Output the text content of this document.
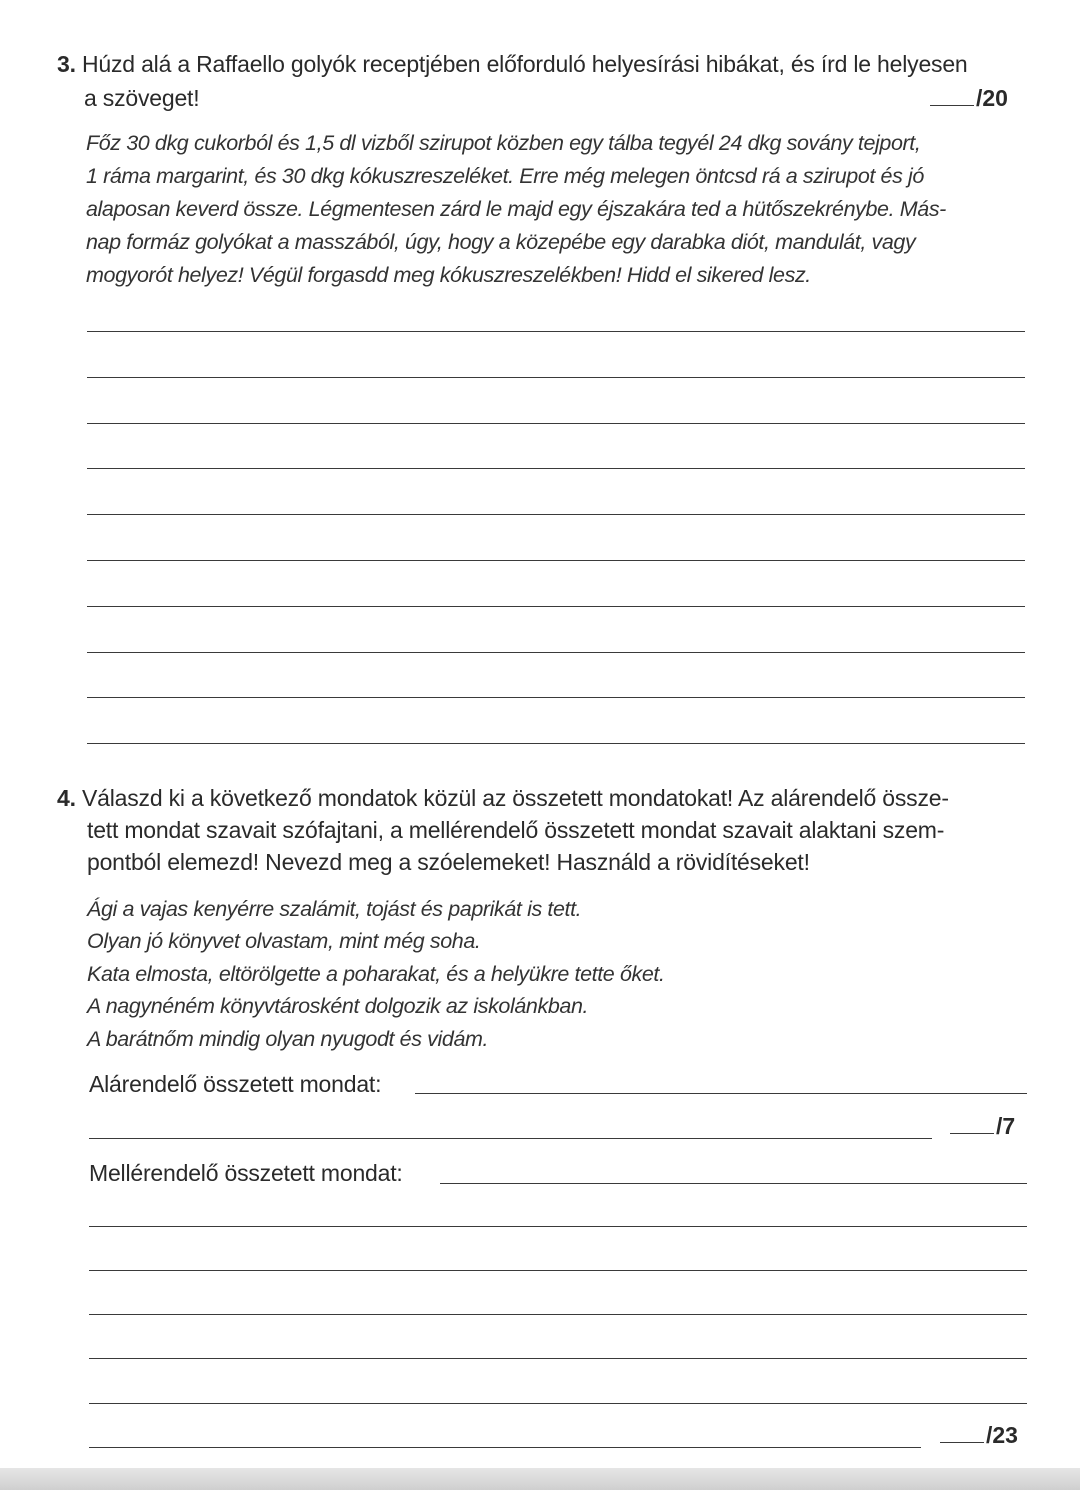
3. Húzd alá a Raffaello golyók receptjében előforduló helyesírási hibákat, és írd le helyesen
a szöveget!	/20
Főz 30 dkg cukorból és 1,5 dl vizből szirupot közben egy tálba tegyél 24 dkg sovány tejport,
1 ráma margarint, és 30 dkg kókuszreszeléket. Erre még melegen öntcsd rá a szirupot és jó
alaposan keverd össze. Légmentesen zárd le majd egy éjszakára ted a hütőszekrénybe. Más-
nap formáz golyókat a masszából, úgy, hogy a közepébe egy darabka diót, mandulát, vagy
mogyorót helyez! Végül forgasdd meg kókuszreszelékben! Hidd el sikered lesz.
4. Válaszd ki a következő mondatok közül az összetett mondatokat! Az alárendelő össze-
tett mondat szavait szófajtani, a mellérendelő összetett mondat szavait alaktani szem-
pontból elemezd! Nevezd meg a szóelemeket! Használd a rövidítéseket!
Ági a vajas kenyérre szalámit, tojást és paprikát is tett.
Olyan jó könyvet olvastam, mint még soha.
Kata elmosta, eltörölgette a poharakat, és a helyükre tette őket.
A nagynéném könyvtárosként dolgozik az iskolánkban.
A barátnőm mindig olyan nyugodt és vidám.
Alárendelő összetett mondat:
/7
Mellérendelő összetett mondat:
/23
